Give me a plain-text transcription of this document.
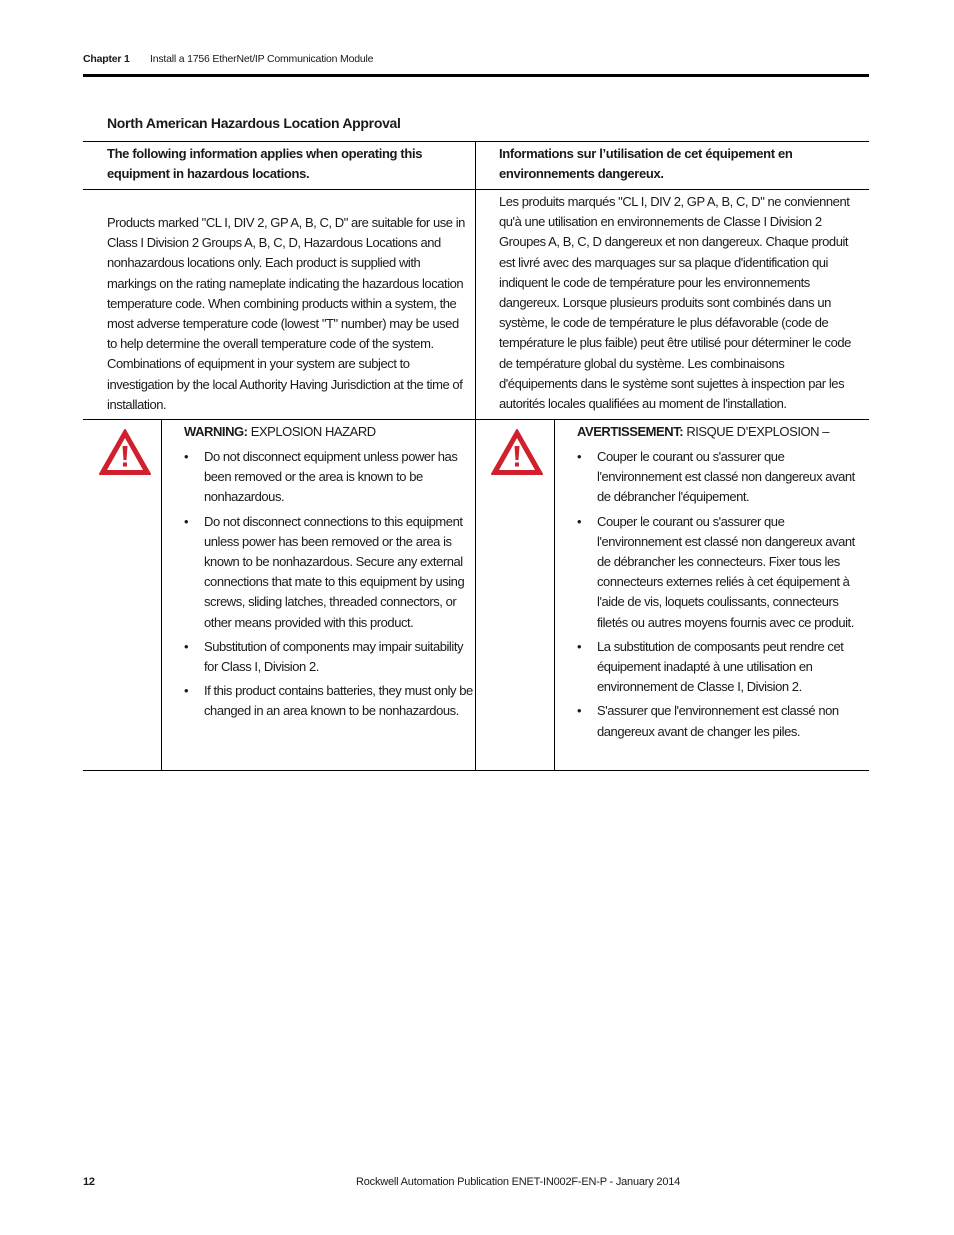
Chapter 1 Install a 1756 EtherNet/IP Communication Module
North American Hazardous Location Approval
The following information applies when operating this equipment in hazardous locations.
Informations sur l’utilisation de cet équipement en environnements dangereux.
Products marked "CL I, DIV 2, GP A, B, C, D" are suitable for use in Class I Division 2 Groups A, B, C, D, Hazardous Locations and nonhazardous locations only. Each product is supplied with markings on the rating nameplate indicating the hazardous location temperature code. When combining products within a system, the most adverse temperature code (lowest "T" number) may be used to help determine the overall temperature code of the system. Combinations of equipment in your system are subject to investigation by the local Authority Having Jurisdiction at the time of installation.
Les produits marqués "CL I, DIV 2, GP A, B, C, D" ne conviennent qu'à une utilisation en environnements de Classe I Division 2 Groupes A, B, C, D dangereux et non dangereux. Chaque produit est livré avec des marquages sur sa plaque d'identification qui indiquent le code de température pour les environnements dangereux. Lorsque plusieurs produits sont combinés dans un système, le code de température le plus défavorable (code de température le plus faible) peut être utilisé pour déterminer le code de température global du système. Les combinaisons d'équipements dans le système sont sujettes à inspection par les autorités locales qualifiées au moment de l'installation.
WARNING: EXPLOSION HAZARD
• Do not disconnect equipment unless power has been removed or the area is known to be nonhazardous.
• Do not disconnect connections to this equipment unless power has been removed or the area is known to be nonhazardous. Secure any external connections that mate to this equipment by using screws, sliding latches, threaded connectors, or other means provided with this product.
• Substitution of components may impair suitability for Class I, Division 2.
• If this product contains batteries, they must only be changed in an area known to be nonhazardous.
AVERTISSEMENT: RISQUE D’EXPLOSION –
• Couper le courant ou s'assurer que l'environnement est classé non dangereux avant de débrancher l'équipement.
• Couper le courant ou s'assurer que l'environnement est classé non dangereux avant de débrancher les connecteurs. Fixer tous les connecteurs externes reliés à cet équipement à l'aide de vis, loquets coulissants, connecteurs filetés ou autres moyens fournis avec ce produit.
• La substitution de composants peut rendre cet équipement inadapté à une utilisation en environnement de Classe I, Division 2.
• S'assurer que l'environnement est classé non dangereux avant de changer les piles.
12	Rockwell Automation Publication ENET-IN002F-EN-P - January 2014
